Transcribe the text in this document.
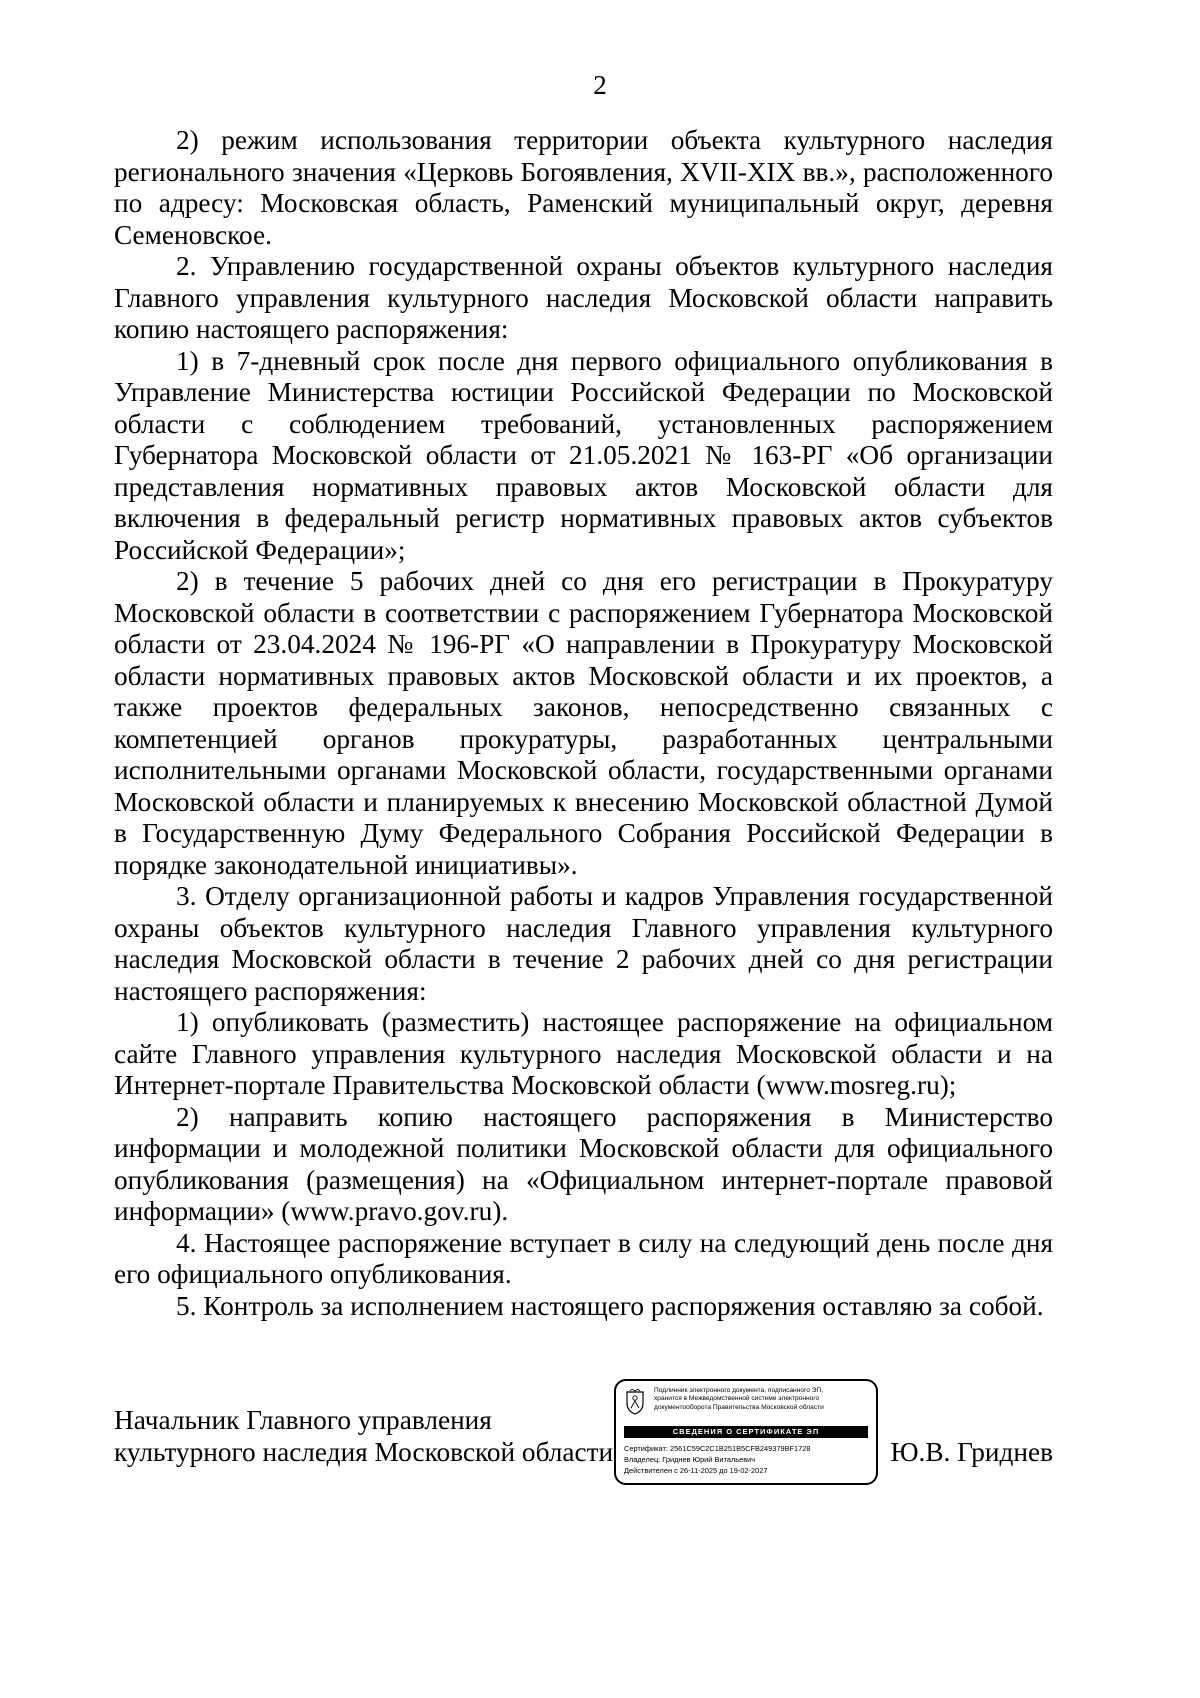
2

2) режим использования территории объекта культурного наследия регионального значения «Церковь Богоявления, XVII-XIX вв.», расположенного по адресу: Московская область, Раменский муниципальный округ, деревня Семеновское.

2. Управлению государственной охраны объектов культурного наследия Главного управления культурного наследия Московской области направить копию настоящего распоряжения:

1) в 7-дневный срок после дня первого официального опубликования в Управление Министерства юстиции Российской Федерации по Московской области с соблюдением требований, установленных распоряжением Губернатора Московской области от 21.05.2021 № 163-РГ «Об организации представления нормативных правовых актов Московской области для включения в федеральный регистр нормативных правовых актов субъектов Российской Федерации»;

2) в течение 5 рабочих дней со дня его регистрации в Прокуратуру Московской области в соответствии с распоряжением Губернатора Московской области от 23.04.2024 № 196-РГ «О направлении в Прокуратуру Московской области нормативных правовых актов Московской области и их проектов, а также проектов федеральных законов, непосредственно связанных с компетенцией органов прокуратуры, разработанных центральными исполнительными органами Московской области, государственными органами Московской области и планируемых к внесению Московской областной Думой в Государственную Думу Федерального Собрания Российской Федерации в порядке законодательной инициативы».

3. Отделу организационной работы и кадров Управления государственной охраны объектов культурного наследия Главного управления культурного наследия Московской области в течение 2 рабочих дней со дня регистрации настоящего распоряжения:

1) опубликовать (разместить) настоящее распоряжение на официальном сайте Главного управления культурного наследия Московской области и на Интернет-портале Правительства Московской области (www.mosreg.ru);

2) направить копию настоящего распоряжения в Министерство информации и молодежной политики Московской области для официального опубликования (размещения) на «Официальном интернет-портале правовой информации» (www.pravo.gov.ru).

4. Настоящее распоряжение вступает в силу на следующий день после дня его официального опубликования.

5. Контроль за исполнением настоящего распоряжения оставляю за собой.

Начальник Главного управления
культурного наследия Московской области	Ю.В. Гриднев
Подлинник электронного документа, подписанного ЭП,
хранится в Межведомственной системе электронного
документооборота Правительства Московской области
СВЕДЕНИЯ О СЕРТИФИКАТЕ ЭП
Сертификат: 2561C59C2C1B251B5CFB249379BF1728
Владелец: Гриднев Юрий Витальевич
Действителен с 26-11-2025 до 19-02-2027
